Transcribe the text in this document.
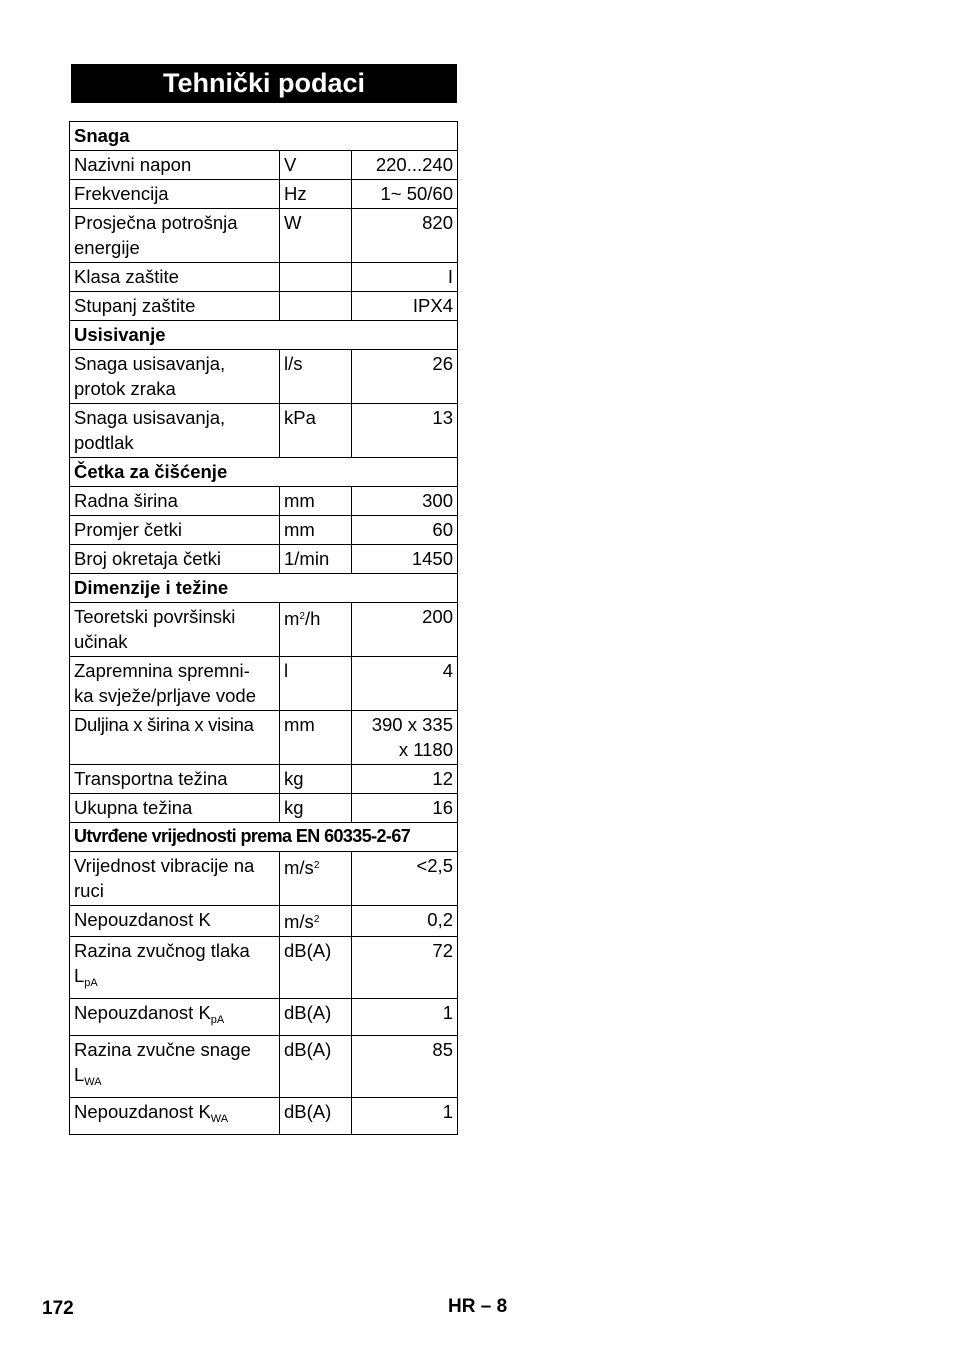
Tehnički podaci
Snaga		
Nazivni napon	V	220...240
Frekvencija	Hz	1~ 50/60
Prosječna potrošnja energije	W	820
Klasa zaštite		I
Stupanj zaštite		IPX4
Usisivanje		
Snaga usisavanja, protok zraka	l/s	26
Snaga usisavanja, podtlak	kPa	13
Četka za čišćenje		
Radna širina	mm	300
Promjer četki	mm	60
Broj okretaja četki	1/min	1450
Dimenzije i težine		
Teoretski površinski učinak	$m^2/h$	200
Zapremnina spremni-
ka svježe/prljave vode	l	4
Duljina x širina x visina	mm	390 x 335
x 1180
Transportna težina	kg	12
Ukupna težina	kg	16
Utvrđene vrijednosti prema EN 60335-2-67		
Vrijednost vibracije na ruci	$m/s^2$	<2,5
Nepouzdanost K	$m/s^2$	0,2
Razina zvučnog tlaka $L_{pA}$	dB(A)	72
Nepouzdanost $K_{pA}$	dB(A)	1
Razina zvučne snage $L_{WA}$	dB(A)	85
Nepouzdanost $K_{WA}$	dB(A)	1
172	HR – 8
